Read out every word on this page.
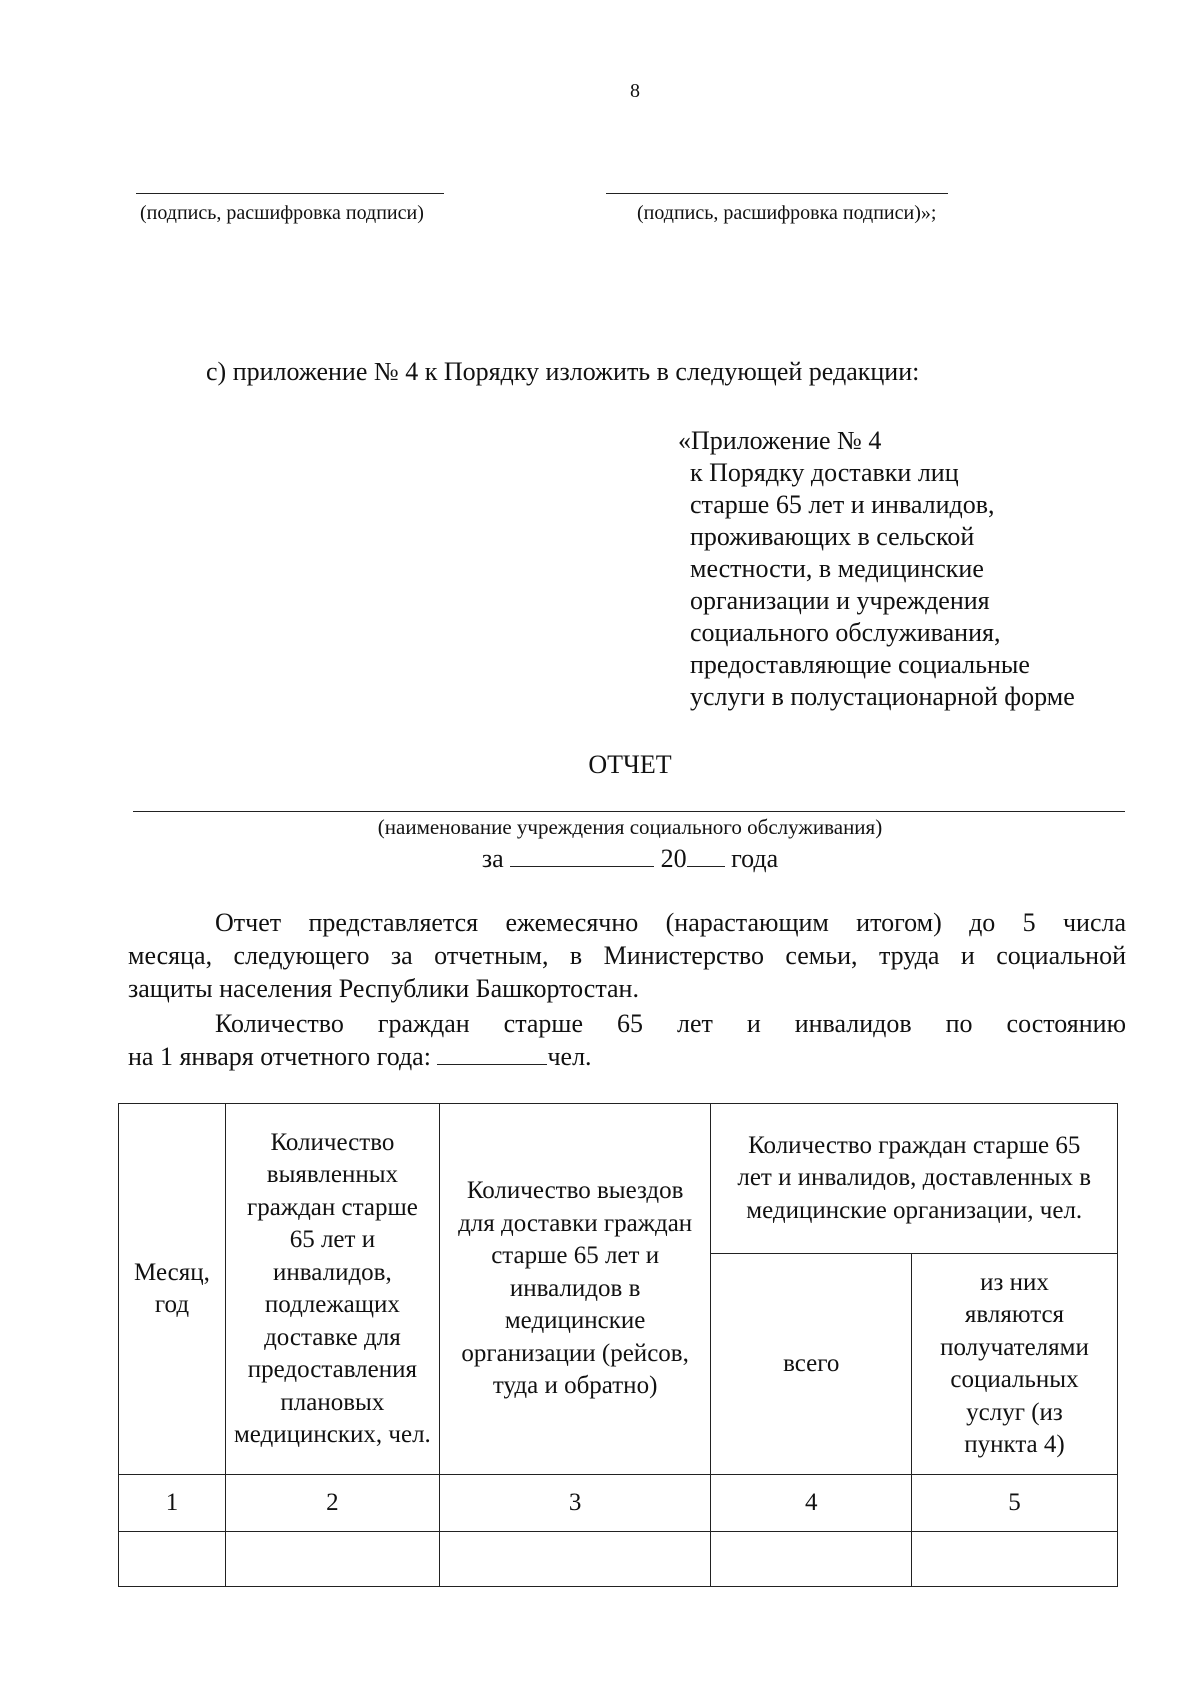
8
(подпись, расшифровка подписи)	(подпись, расшифровка подписи)»;
с) приложение № 4 к Порядку изложить в следующей редакции:
«Приложение № 4
к Порядку доставки лиц
старше 65 лет и инвалидов,
проживающих в сельской
местности, в медицинские
организации и учреждения
социального обслуживания,
предоставляющие социальные
услуги в полустационарной форме
ОТЧЕТ
(наименование учреждения социального обслуживания)
за	20 года
Отчет представляется ежемесячно (нарастающим итогом) до 5 числа
месяца, следующего за отчетным, в Министерство семьи, труда и социальной
защиты населения Республики Башкортостан.
Количество граждан старше 65 лет и инвалидов по состоянию
на 1 января отчетного года:	чел.
Месяц, год	Количество выявленных граждан старше 65 лет и инвалидов, подлежащих доставке для предоставления плановых медицинских, чел.	Количество выездов для доставки граждан старше 65 лет и инвалидов в медицинские организации (рейсов, туда и обратно)	Количество граждан старше 65 лет и инвалидов, доставленных в медицинские организации, чел.	
			всего	из них являются получателями социальных услуг (из пункта 4)
1	2	3	4	5
